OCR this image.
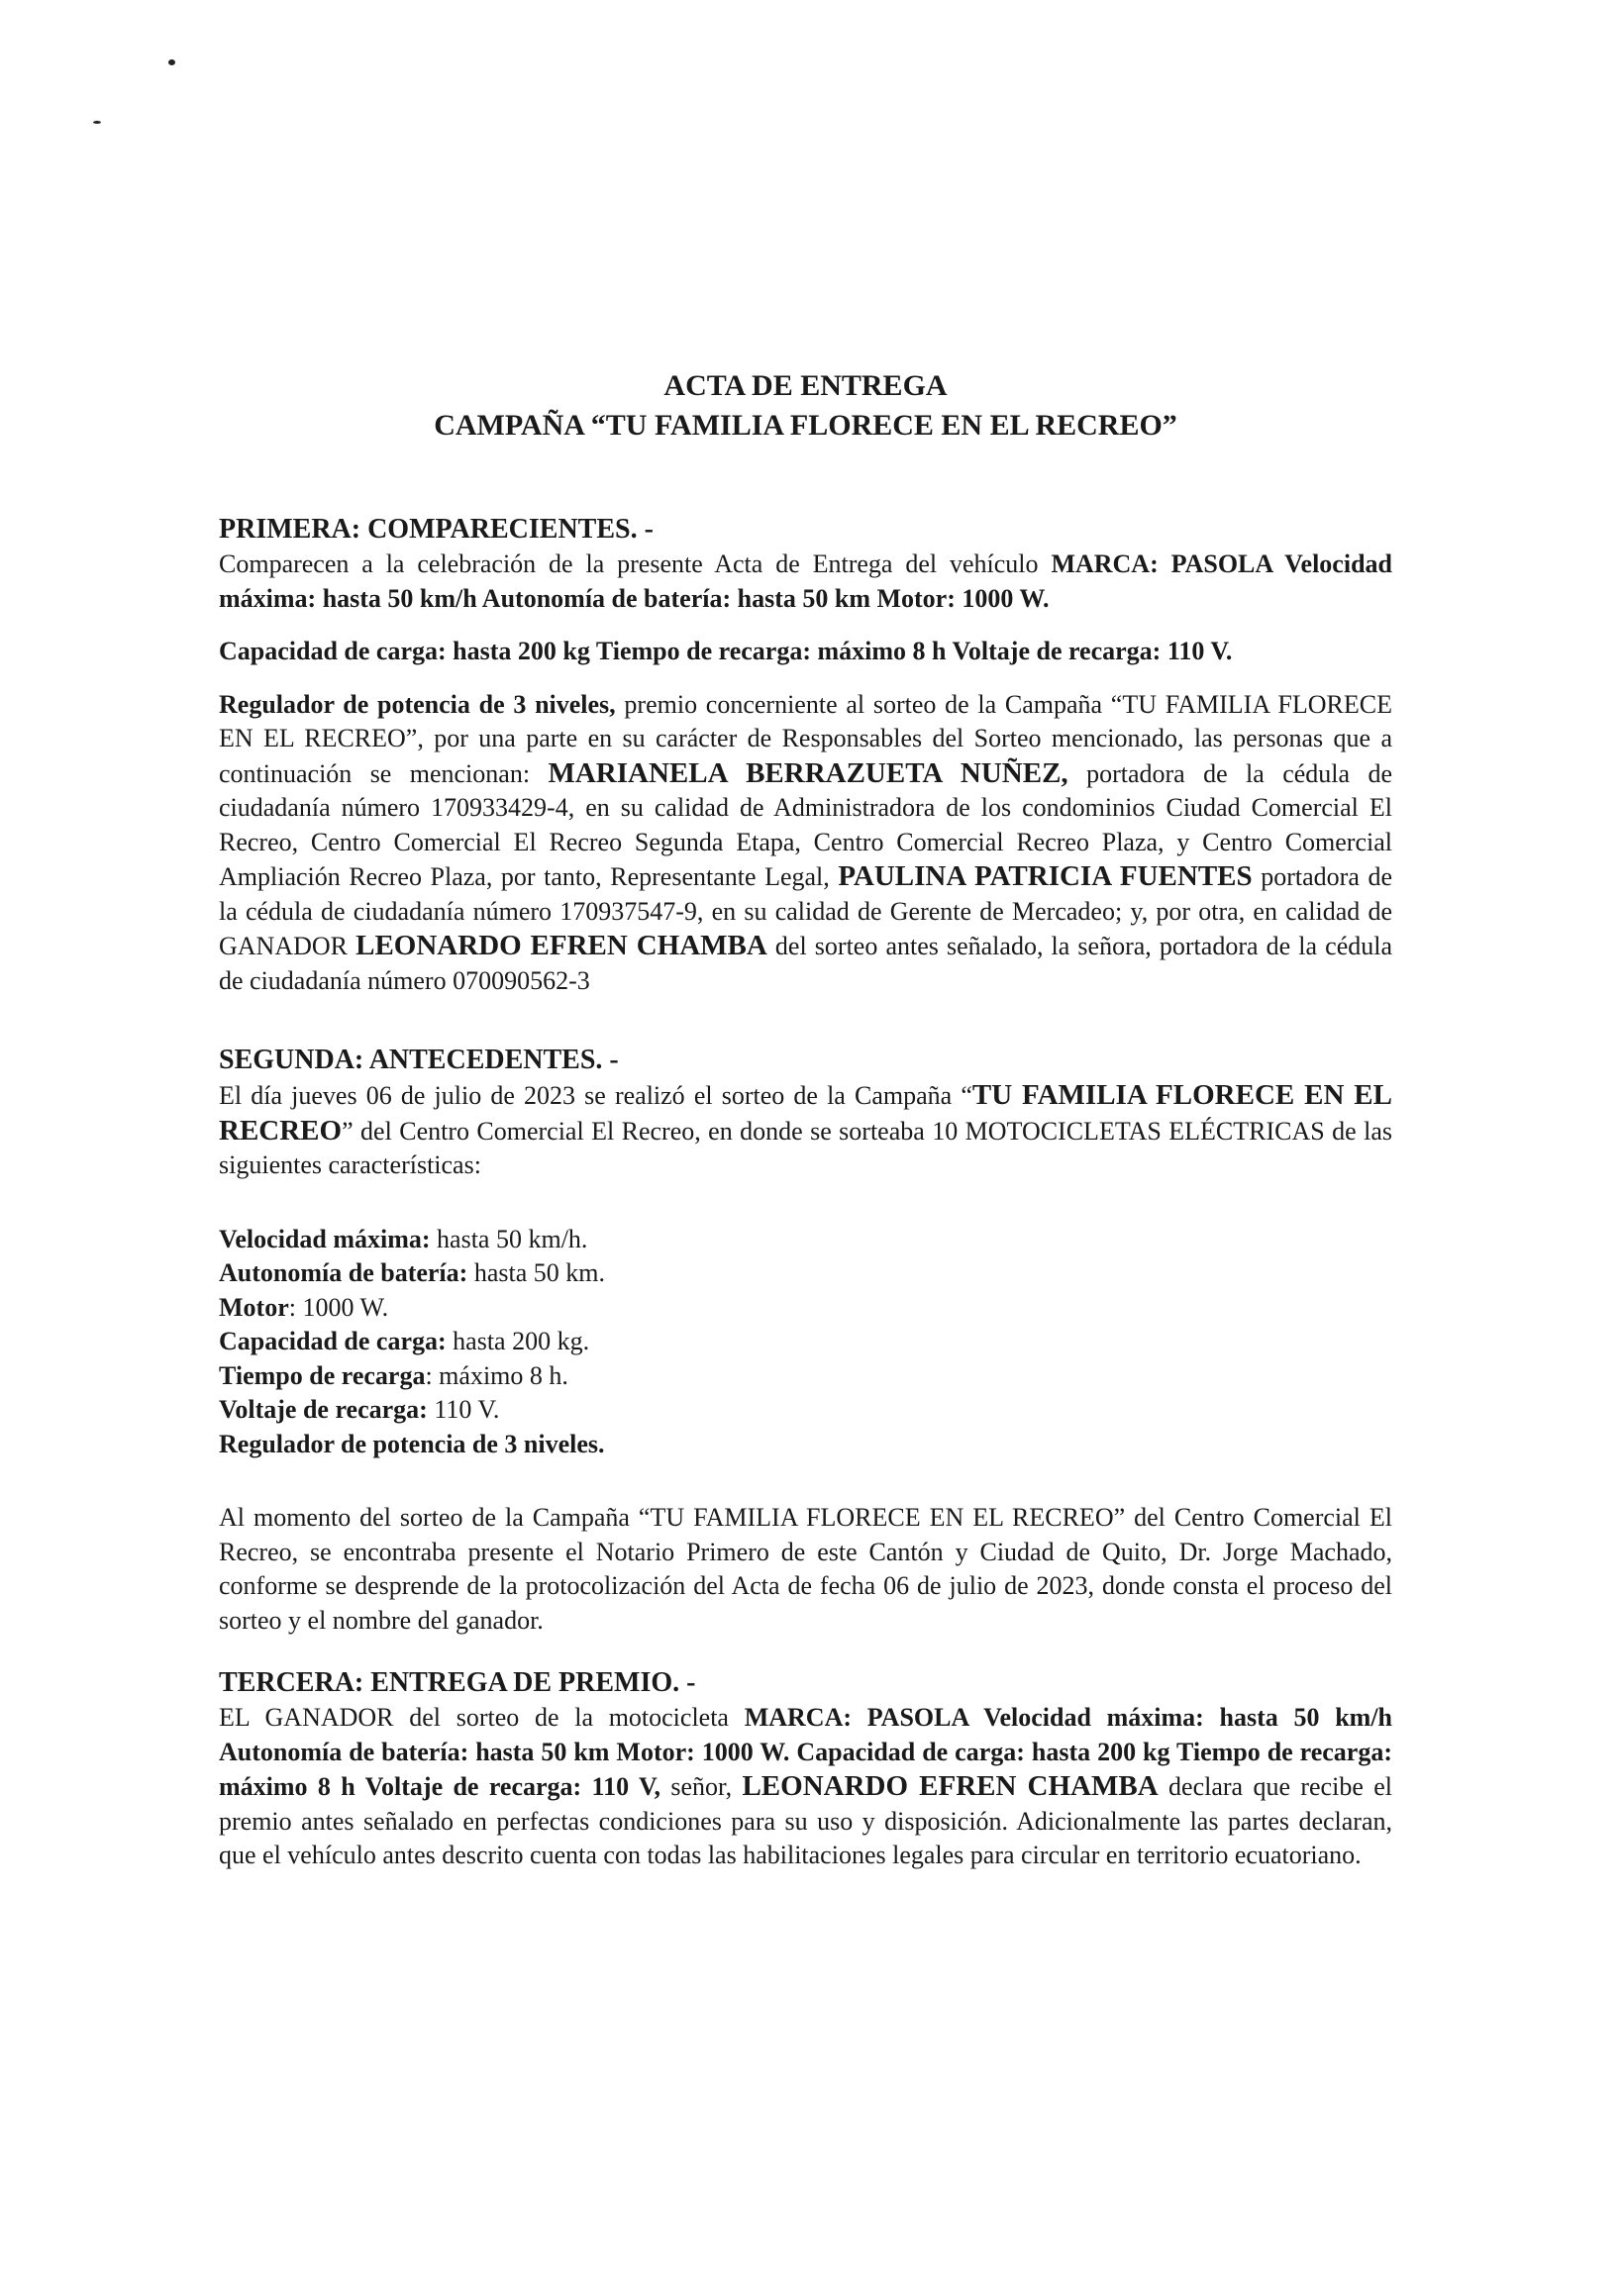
ACTA DE ENTREGA
CAMPAÑA “TU FAMILIA FLORECE EN EL RECREO”
PRIMERA: COMPARECIENTES. -

Comparecen a la celebración de la presente Acta de Entrega del vehículo MARCA: PASOLA Velocidad máxima: hasta 50 km/h Autonomía de batería: hasta 50 km Motor: 1000 W.

Capacidad de carga: hasta 200 kg Tiempo de recarga: máximo 8 h Voltaje de recarga: 110 V.

Regulador de potencia de 3 niveles, premio concerniente al sorteo de la Campaña “TU FAMILIA FLORECE EN EL RECREO”, por una parte en su carácter de Responsables del Sorteo mencionado, las personas que a continuación se mencionan: MARIANELA BERRAZUETA NUÑEZ, portadora de la cédula de ciudadanía número 170933429-4, en su calidad de Administradora de los condominios Ciudad Comercial El Recreo, Centro Comercial El Recreo Segunda Etapa, Centro Comercial Recreo Plaza, y Centro Comercial Ampliación Recreo Plaza, por tanto, Representante Legal, PAULINA PATRICIA FUENTES portadora de la cédula de ciudadanía número 170937547-9, en su calidad de Gerente de Mercadeo; y, por otra, en calidad de GANADOR LEONARDO EFREN CHAMBA del sorteo antes señalado, la señora, portadora de la cédula de ciudadanía número 070090562-3

SEGUNDA: ANTECEDENTES. -

El día jueves 06 de julio de 2023 se realizó el sorteo de la Campaña “TU FAMILIA FLORECE EN EL RECREO” del Centro Comercial El Recreo, en donde se sorteaba 10 MOTOCICLETAS ELÉCTRICAS de las siguientes características:

Velocidad máxima: hasta 50 km/h.
Autonomía de batería: hasta 50 km.
Motor: 1000 W.
Capacidad de carga: hasta 200 kg.
Tiempo de recarga: máximo 8 h.
Voltaje de recarga: 110 V.
Regulador de potencia de 3 niveles.

Al momento del sorteo de la Campaña “TU FAMILIA FLORECE EN EL RECREO” del Centro Comercial El Recreo, se encontraba presente el Notario Primero de este Cantón y Ciudad de Quito, Dr. Jorge Machado, conforme se desprende de la protocolización del Acta de fecha 06 de julio de 2023, donde consta el proceso del sorteo y el nombre del ganador.

TERCERA: ENTREGA DE PREMIO. -

EL GANADOR del sorteo de la motocicleta MARCA: PASOLA Velocidad máxima: hasta 50 km/h Autonomía de batería: hasta 50 km Motor: 1000 W. Capacidad de carga: hasta 200 kg Tiempo de recarga: máximo 8 h Voltaje de recarga: 110 V, señor, LEONARDO EFREN CHAMBA declara que recibe el premio antes señalado en perfectas condiciones para su uso y disposición. Adicionalmente las partes declaran, que el vehículo antes descrito cuenta con todas las habilitaciones legales para circular en territorio ecuatoriano.
